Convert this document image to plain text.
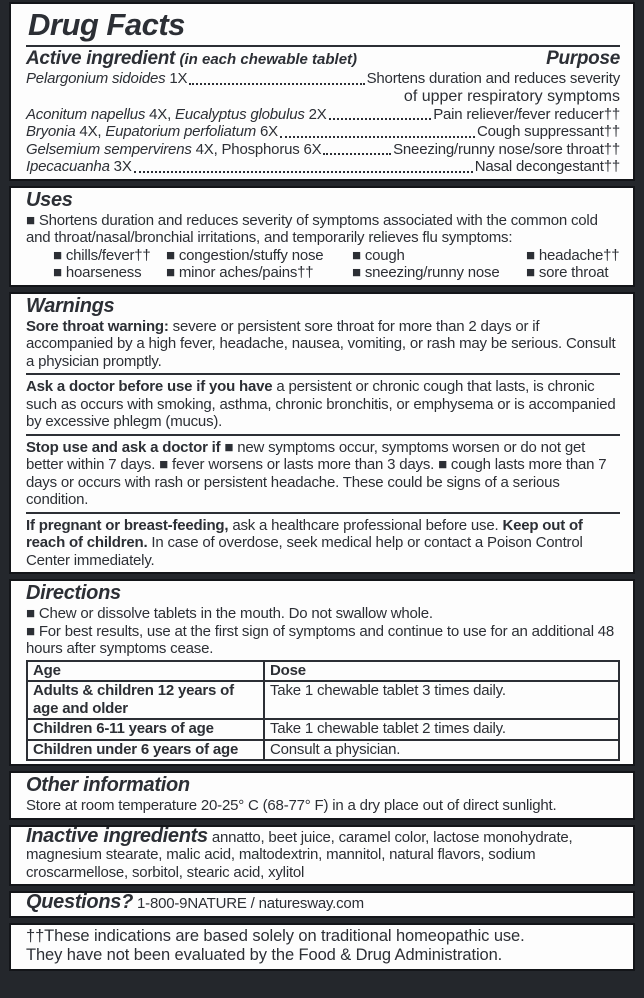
Drug Facts
Active ingredient (in each chewable tablet)	Purpose
Pelargonium sidoides 1X	Shortens duration and reduces severity
of upper respiratory symptoms
Aconitum napellus 4X, Eucalyptus globulus 2X	Pain reliever/fever reducer††
Bryonia 4X, Eupatorium perfoliatum 6X	Cough suppressant††
Gelsemium sempervirens 4X, Phosphorus 6X	Sneezing/runny nose/sore throat††
Ipecacuanha 3X	Nasal decongestant††
Uses

■ Shortens duration and reduces severity of symptoms associated with the common cold and throat/nasal/bronchial irritations, and temporarily relieves flu symptoms:

■ chills/fever††	■ congestion/stuffy nose	■ cough	■ headache††
■ hoarseness	■ minor aches/pains††	■ sneezing/runny nose	■ sore throat
Warnings

Sore throat warning: severe or persistent sore throat for more than 2 days or if accompanied by a high fever, headache, nausea, vomiting, or rash may be serious. Consult a physician promptly.

Ask a doctor before use if you have a persistent or chronic cough that lasts, is chronic such as occurs with smoking, asthma, chronic bronchitis, or emphysema or is accompanied by excessive phlegm (mucus).

Stop use and ask a doctor if ■ new symptoms occur, symptoms worsen or do not get better within 7 days. ■ fever worsens or lasts more than 3 days. ■ cough lasts more than 7 days or occurs with rash or persistent headache. These could be signs of a serious condition.

If pregnant or breast-feeding, ask a healthcare professional before use. Keep out of reach of children. In case of overdose, seek medical help or contact a Poison Control Center immediately.

Directions

■ Chew or dissolve tablets in the mouth. Do not swallow whole.

■ For best results, use at the first sign of symptoms and continue to use for an additional 48 hours after symptoms cease.

Age	Dose
Adults & children 12 years of age and older	Take 1 chewable tablet 3 times daily.
Children 6-11 years of age	Take 1 chewable tablet 2 times daily.
Children under 6 years of age	Consult a physician.
Other information

Store at room temperature 20-25° C (68-77° F) in a dry place out of direct sunlight.

Inactive ingredients annatto, beet juice, caramel color, lactose monohydrate, magnesium stearate, malic acid, maltodextrin, mannitol, natural flavors, sodium croscarmellose, sorbitol, stearic acid, xylitol

Questions? 1-800-9NATURE / naturesway.com

††These indications are based solely on traditional homeopathic use.

They have not been evaluated by the Food & Drug Administration.
